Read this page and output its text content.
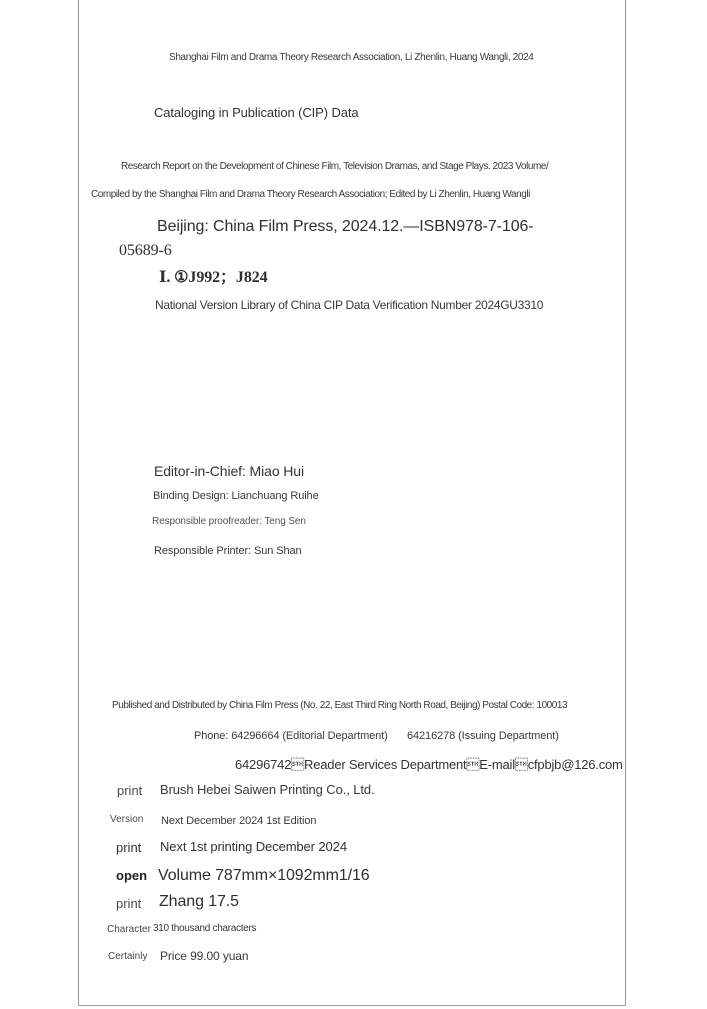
Shanghai Film and Drama Theory Research Association, Li Zhenlin, Huang Wangli, 2024
Cataloging in Publication (CIP) Data
Research Report on the Development of Chinese Film, Television Dramas, and Stage Plays. 2023 Volume/
Compiled by the Shanghai Film and Drama Theory Research Association; Edited by Li Zhenlin, Huang Wangli
Beijing: China Film Press, 2024.12.—ISBN978-7-106-
05689-6
Ⅰ. ①J992；J824
National Version Library of China CIP Data Verification Number 2024GU3310
Editor-in-Chief: Miao Hui
Binding Design: Lianchuang Ruihe
Responsible proofreader: Teng Sen
Responsible Printer: Sun Shan
Published and Distributed by China Film Press (No. 22, East Third Ring North Road, Beijing) Postal Code: 100013
Phone: 64296664 (Editorial Department) 64216278 (Issuing Department)
64296742Reader Services DepartmentE-mailcfpbjb@126.com
print Brush Hebei Saiwen Printing Co., Ltd.
Version Next December 2024 1st Edition
print Next 1st printing December 2024
open Volume 787mm×1092mm1/16
print Zhang 17.5
Character 310 thousand characters
Certainly Price 99.00 yuan
